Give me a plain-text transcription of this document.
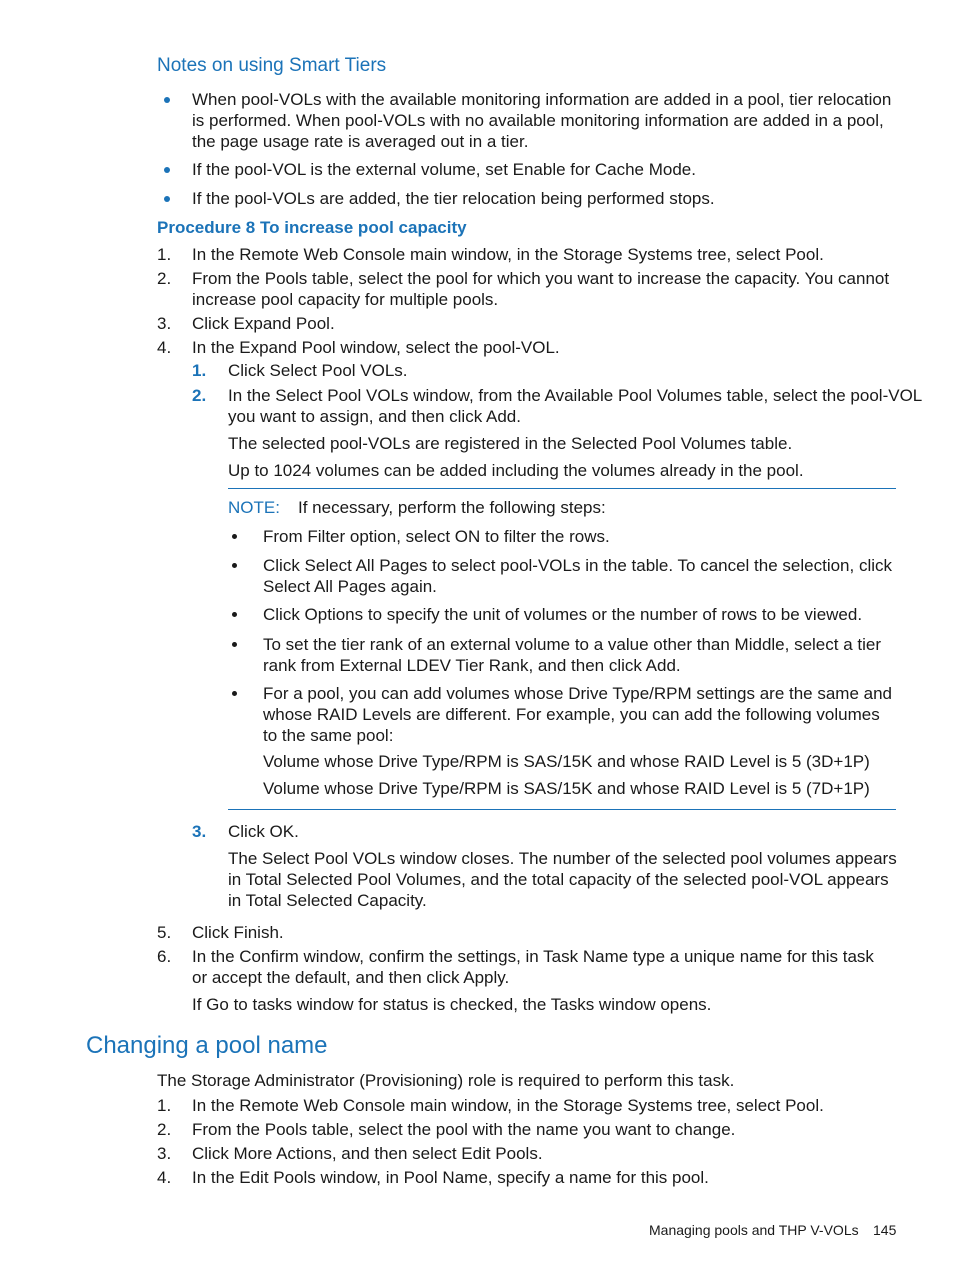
Notes on using Smart Tiers
When pool-VOLs with the available monitoring information are added in a pool, tier relocation
is performed. When pool-VOLs with no available monitoring information are added in a pool,
the page usage rate is averaged out in a tier.
If the pool-VOL is the external volume, set Enable for Cache Mode.
If the pool-VOLs are added, the tier relocation being performed stops.
Procedure 8 To increase pool capacity
1. In the Remote Web Console main window, in the Storage Systems tree, select Pool.
2. From the Pools table, select the pool for which you want to increase the capacity. You cannot
increase pool capacity for multiple pools.
3. Click Expand Pool.
4. In the Expand Pool window, select the pool-VOL.
1. Click Select Pool VOLs.
2. In the Select Pool VOLs window, from the Available Pool Volumes table, select the pool-VOL
you want to assign, and then click Add.
The selected pool-VOLs are registered in the Selected Pool Volumes table.
Up to 1024 volumes can be added including the volumes already in the pool.
NOTE: If necessary, perform the following steps:
From Filter option, select ON to filter the rows.
Click Select All Pages to select pool-VOLs in the table. To cancel the selection, click
Select All Pages again.
Click Options to specify the unit of volumes or the number of rows to be viewed.
To set the tier rank of an external volume to a value other than Middle, select a tier
rank from External LDEV Tier Rank, and then click Add.
For a pool, you can add volumes whose Drive Type/RPM settings are the same and
whose RAID Levels are different. For example, you can add the following volumes
to the same pool:
Volume whose Drive Type/RPM is SAS/15K and whose RAID Level is 5 (3D+1P)
Volume whose Drive Type/RPM is SAS/15K and whose RAID Level is 5 (7D+1P)
3. Click OK.
The Select Pool VOLs window closes. The number of the selected pool volumes appears
in Total Selected Pool Volumes, and the total capacity of the selected pool-VOL appears
in Total Selected Capacity.
5. Click Finish.
6. In the Confirm window, confirm the settings, in Task Name type a unique name for this task
or accept the default, and then click Apply.
If Go to tasks window for status is checked, the Tasks window opens.
Changing a pool name
The Storage Administrator (Provisioning) role is required to perform this task.
1. In the Remote Web Console main window, in the Storage Systems tree, select Pool.
2. From the Pools table, select the pool with the name you want to change.
3. Click More Actions, and then select Edit Pools.
4. In the Edit Pools window, in Pool Name, specify a name for this pool.
Managing pools and THP V-VOLs 145
